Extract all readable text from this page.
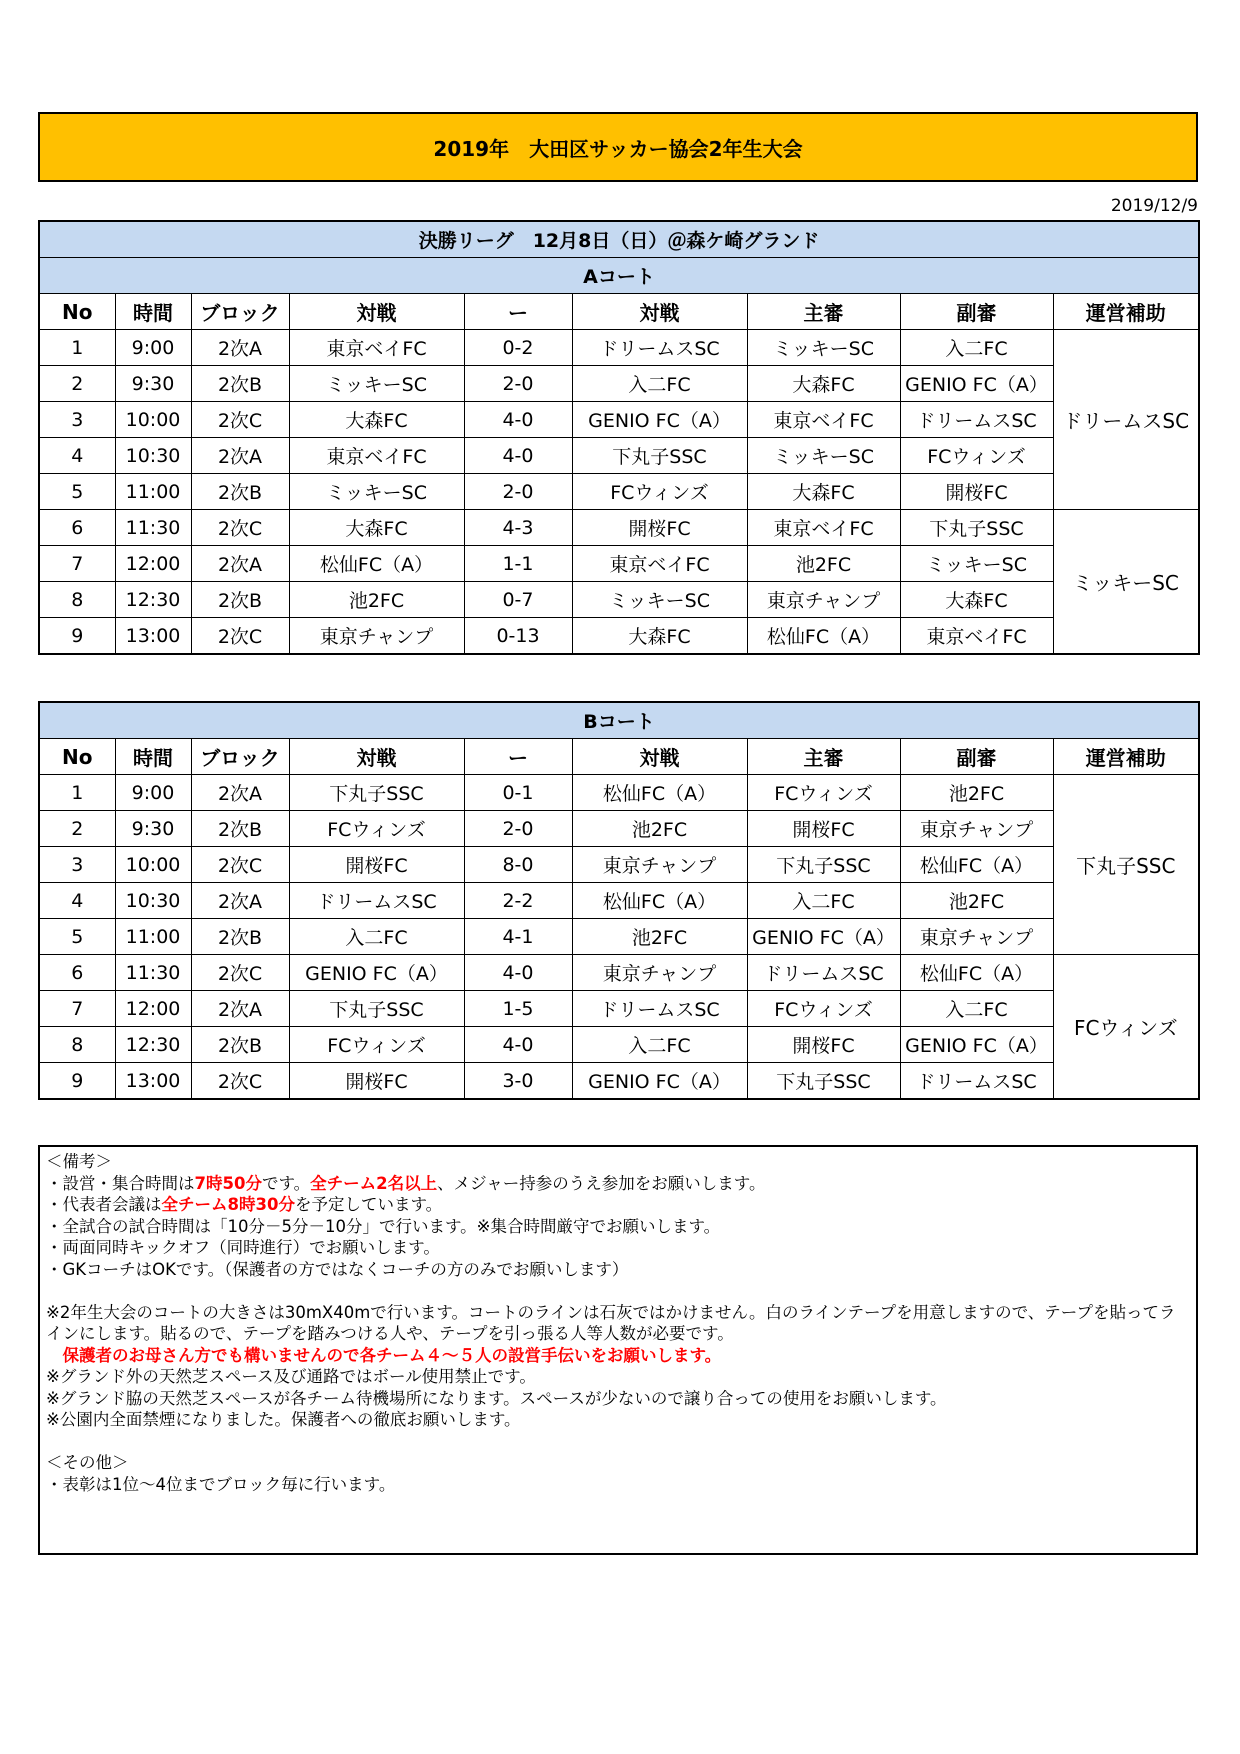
2019年　大田区サッカー協会2年生大会
2019/12/9
決勝リーグ　12月8日（日）＠森ケ崎グランド								
Aコート								
No	時間	ブロック	対戦	ー	対戦	主審	副審	運営補助
1	9:00	2次A	東京ベイFC	0-2	ドリームスSC	ミッキーSC	入二FC	ドリームスSC
2	9:30	2次B	ミッキーSC	2-0	入二FC	大森FC	GENIO FC（A）	
3	10:00	2次C	大森FC	4-0	GENIO FC（A）	東京ベイFC	ドリームスSC	
4	10:30	2次A	東京ベイFC	4-0	下丸子SSC	ミッキーSC	FCウィンズ	
5	11:00	2次B	ミッキーSC	2-0	FCウィンズ	大森FC	開桜FC	
6	11:30	2次C	大森FC	4-3	開桜FC	東京ベイFC	下丸子SSC	ミッキーSC
7	12:00	2次A	松仙FC（A）	1-1	東京ベイFC	池2FC	ミッキーSC	
8	12:30	2次B	池2FC	0-7	ミッキーSC	東京チャンプ	大森FC	
9	13:00	2次C	東京チャンプ	0-13	大森FC	松仙FC（A）	東京ベイFC	
Bコート								
No	時間	ブロック	対戦	ー	対戦	主審	副審	運営補助
1	9:00	2次A	下丸子SSC	0-1	松仙FC（A）	FCウィンズ	池2FC	下丸子SSC
2	9:30	2次B	FCウィンズ	2-0	池2FC	開桜FC	東京チャンプ	
3	10:00	2次C	開桜FC	8-0	東京チャンプ	下丸子SSC	松仙FC（A）	
4	10:30	2次A	ドリームスSC	2-2	松仙FC（A）	入二FC	池2FC	
5	11:00	2次B	入二FC	4-1	池2FC	GENIO FC（A）	東京チャンプ	
6	11:30	2次C	GENIO FC（A）	4-0	東京チャンプ	ドリームスSC	松仙FC（A）	FCウィンズ
7	12:00	2次A	下丸子SSC	1-5	ドリームスSC	FCウィンズ	入二FC	
8	12:30	2次B	FCウィンズ	4-0	入二FC	開桜FC	GENIO FC（A）	
9	13:00	2次C	開桜FC	3-0	GENIO FC（A）	下丸子SSC	ドリームスSC	
＜備考＞
・設営・集合時間は7時50分です。全チーム2名以上、メジャー持参のうえ参加をお願いします。
・代表者会議は全チーム8時30分を予定しています。
・全試合の試合時間は「10分－5分－10分」で行います。※集合時間厳守でお願いします。
・両面同時キックオフ（同時進行）でお願いします。
・GKコーチはOKです。（保護者の方ではなくコーチの方のみでお願いします）
※2年生大会のコートの大きさは30mX40mで行います。コートのラインは石灰ではかけません。白のラインテープを用意しますので、テープを貼ってラインにします。貼るので、テープを踏みつける人や、テープを引っ張る人等人数が必要です。
　保護者のお母さん方でも構いませんので各チーム４～５人の設営手伝いをお願いします。
※グランド外の天然芝スペース及び通路ではボール使用禁止です。
※グランド脇の天然芝スペースが各チーム待機場所になります。スペースが少ないので譲り合っての使用をお願いします。
※公園内全面禁煙になりました。保護者への徹底お願いします。
＜その他＞
・表彰は1位～4位までブロック毎に行います。
